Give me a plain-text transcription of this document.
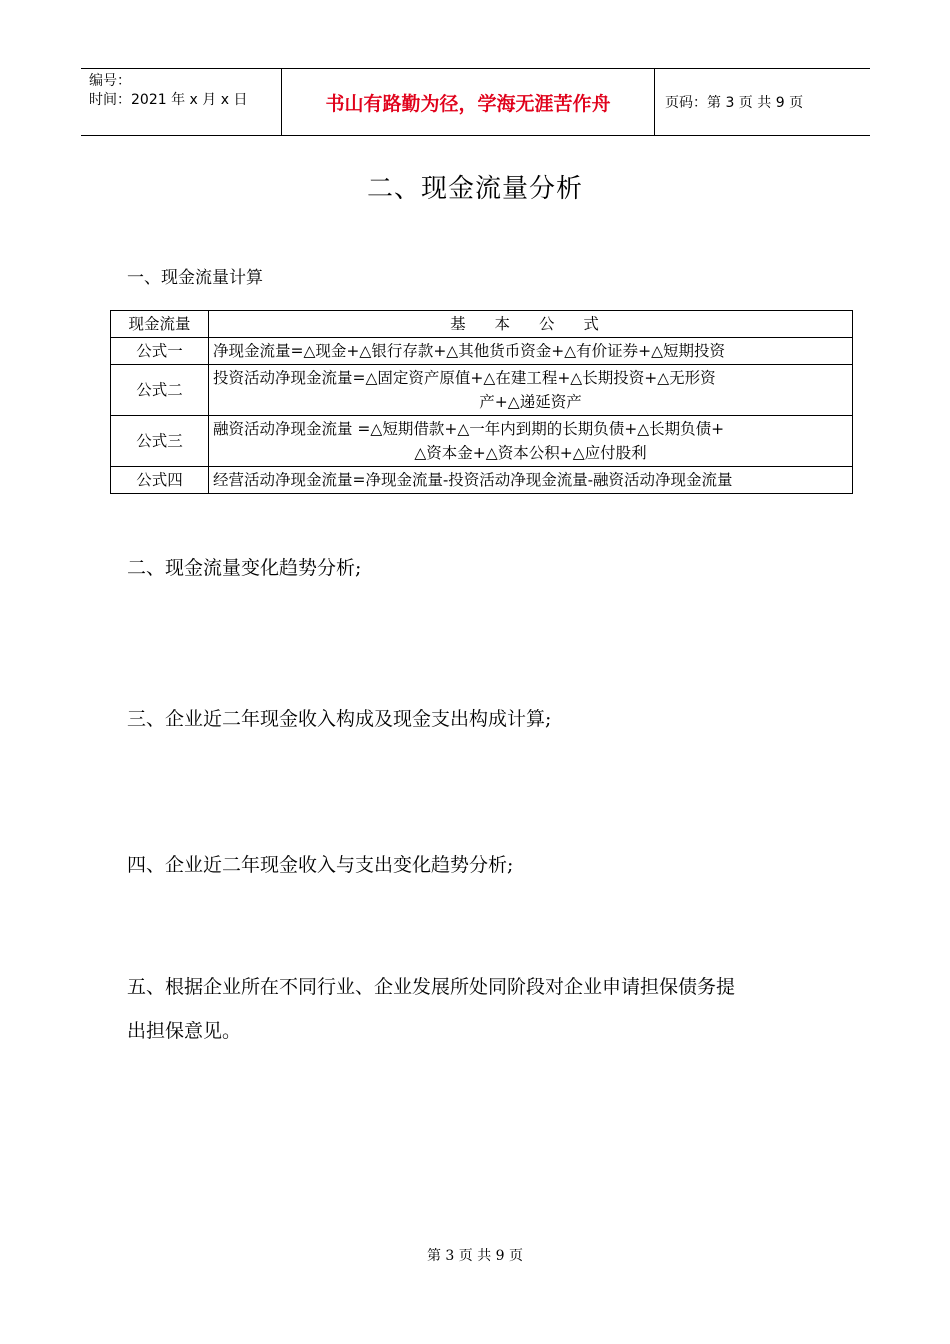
编号：
时间：2021 年 x 月 x 日	书山有路勤为径，学海无涯苦作舟	页码：第 3 页 共 9 页
二、现金流量分析
一、现金流量计算
现金流量	基 本 公 式
公式一	净现金流量=△现金+△银行存款+△其他货币资金+△有价证券+△短期投资
公式二	投资活动净现金流量=△固定资产原值+△在建工程+△长期投资+△无形资
产+△递延资产

公式三	融资活动净现金流量 =△短期借款+△一年内到期的长期负债+△长期负债+
△资本金+△资本公积+△应付股利

公式四	经营活动净现金流量=净现金流量-投资活动净现金流量-融资活动净现金流量
二、现金流量变化趋势分析;
三、企业近二年现金收入构成及现金支出构成计算;
四、企业近二年现金收入与支出变化趋势分析;
五、根据企业所在不同行业、企业发展所处同阶段对企业申请担保债务提
出担保意见。
第 3 页 共 9 页
